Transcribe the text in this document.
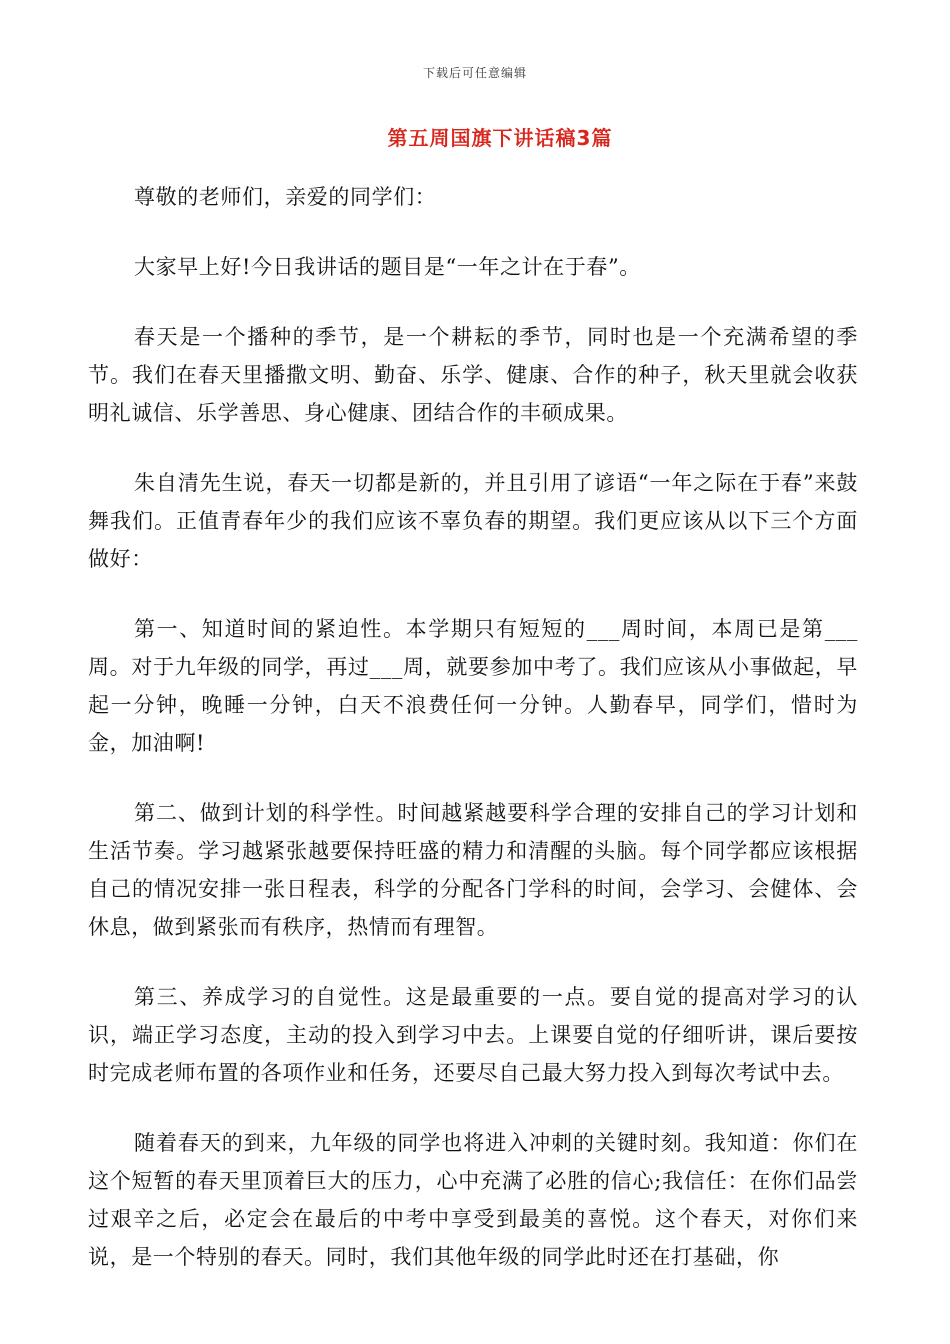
下载后可任意编辑
第五周国旗下讲话稿3篇

尊敬的老师们，亲爱的同学们：

大家早上好!今日我讲话的题目是“一年之计在于春”。

春天是一个播种的季节，是一个耕耘的季节，同时也是一个充满希望的季节。我们在春天里播撒文明、勤奋、乐学、健康、合作的种子，秋天里就会收获明礼诚信、乐学善思、身心健康、团结合作的丰硕成果。

朱自清先生说，春天一切都是新的，并且引用了谚语“一年之际在于春”来鼓舞我们。正值青春年少的我们应该不辜负春的期望。我们更应该从以下三个方面做好：

第一、知道时间的紧迫性。本学期只有短短的___周时间，本周已是第___周。对于九年级的同学，再过___周，就要参加中考了。我们应该从小事做起，早起一分钟，晚睡一分钟，白天不浪费任何一分钟。人勤春早，同学们，惜时为金，加油啊!

第二、做到计划的科学性。时间越紧越要科学合理的安排自己的学习计划和生活节奏。学习越紧张越要保持旺盛的精力和清醒的头脑。每个同学都应该根据自己的情况安排一张日程表，科学的分配各门学科的时间，会学习、会健体、会休息，做到紧张而有秩序，热情而有理智。

第三、养成学习的自觉性。这是最重要的一点。要自觉的提高对学习的认识，端正学习态度，主动的投入到学习中去。上课要自觉的仔细听讲，课后要按时完成老师布置的各项作业和任务，还要尽自己最大努力投入到每次考试中去。

随着春天的到来，九年级的同学也将进入冲刺的关键时刻。我知道：你们在这个短暂的春天里顶着巨大的压力，心中充满了必胜的信心;我信任：在你们品尝过艰辛之后，必定会在最后的中考中享受到最美的喜悦。这个春天，对你们来说，是一个特别的春天。同时，我们其他年级的同学此时还在打基础，你
